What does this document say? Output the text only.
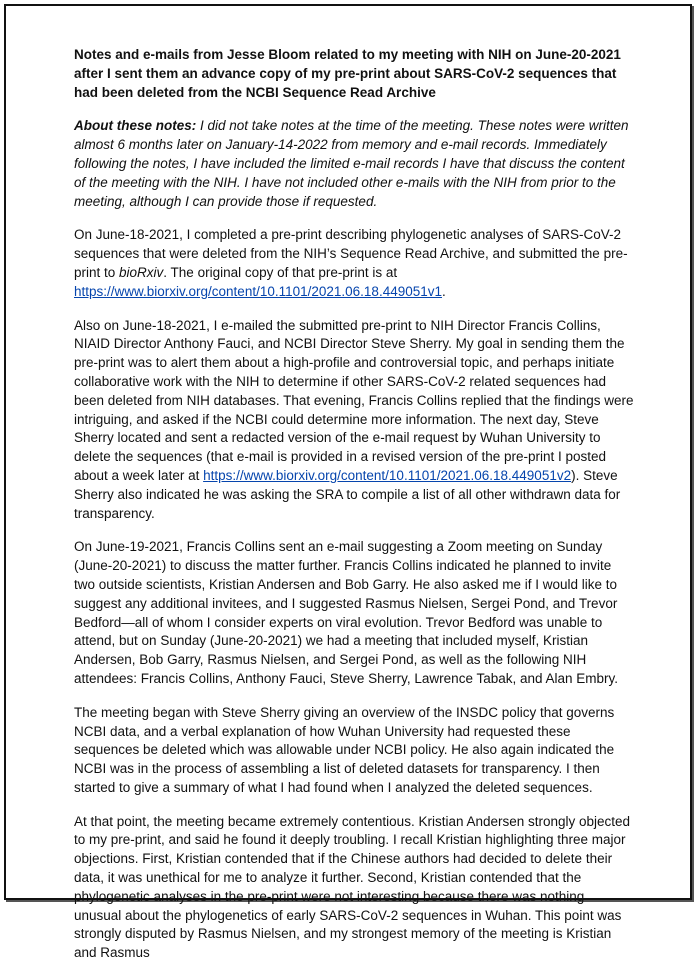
Notes and e-mails from Jesse Bloom related to my meeting with NIH on June-20-2021 after I sent them an advance copy of my pre-print about SARS-CoV-2 sequences that had been deleted from the NCBI Sequence Read Archive

About these notes: I did not take notes at the time of the meeting. These notes were written almost 6 months later on January-14-2022 from memory and e-mail records. Immediately following the notes, I have included the limited e-mail records I have that discuss the content of the meeting with the NIH. I have not included other e-mails with the NIH from prior to the meeting, although I can provide those if requested.

On June-18-2021, I completed a pre-print describing phylogenetic analyses of SARS-CoV-2 sequences that were deleted from the NIH’s Sequence Read Archive, and submitted the pre-print to bioRxiv. The original copy of that pre-print is at https://www.biorxiv.org/content/10.1101/2021.06.18.449051v1.

Also on June-18-2021, I e-mailed the submitted pre-print to NIH Director Francis Collins, NIAID Director Anthony Fauci, and NCBI Director Steve Sherry. My goal in sending them the pre-print was to alert them about a high-profile and controversial topic, and perhaps initiate collaborative work with the NIH to determine if other SARS-CoV-2 related sequences had been deleted from NIH databases. That evening, Francis Collins replied that the findings were intriguing, and asked if the NCBI could determine more information. The next day, Steve Sherry located and sent a redacted version of the e-mail request by Wuhan University to delete the sequences (that e-mail is provided in a revised version of the pre-print I posted about a week later at https://www.biorxiv.org/content/10.1101/2021.06.18.449051v2). Steve Sherry also indicated he was asking the SRA to compile a list of all other withdrawn data for transparency.

On June-19-2021, Francis Collins sent an e-mail suggesting a Zoom meeting on Sunday (June-20-2021) to discuss the matter further. Francis Collins indicated he planned to invite two outside scientists, Kristian Andersen and Bob Garry. He also asked me if I would like to suggest any additional invitees, and I suggested Rasmus Nielsen, Sergei Pond, and Trevor Bedford—all of whom I consider experts on viral evolution. Trevor Bedford was unable to attend, but on Sunday (June-20-2021) we had a meeting that included myself, Kristian Andersen, Bob Garry, Rasmus Nielsen, and Sergei Pond, as well as the following NIH attendees: Francis Collins, Anthony Fauci, Steve Sherry, Lawrence Tabak, and Alan Embry.

The meeting began with Steve Sherry giving an overview of the INSDC policy that governs NCBI data, and a verbal explanation of how Wuhan University had requested these sequences be deleted which was allowable under NCBI policy. He also again indicated the NCBI was in the process of assembling a list of deleted datasets for transparency. I then started to give a summary of what I had found when I analyzed the deleted sequences.

At that point, the meeting became extremely contentious. Kristian Andersen strongly objected to my pre-print, and said he found it deeply troubling. I recall Kristian highlighting three major objections. First, Kristian contended that if the Chinese authors had decided to delete their data, it was unethical for me to analyze it further. Second, Kristian contended that the phylogenetic analyses in the pre-print were not interesting because there was nothing unusual about the phylogenetics of early SARS-CoV-2 sequences in Wuhan. This point was strongly disputed by Rasmus Nielsen, and my strongest memory of the meeting is Kristian and Rasmus
